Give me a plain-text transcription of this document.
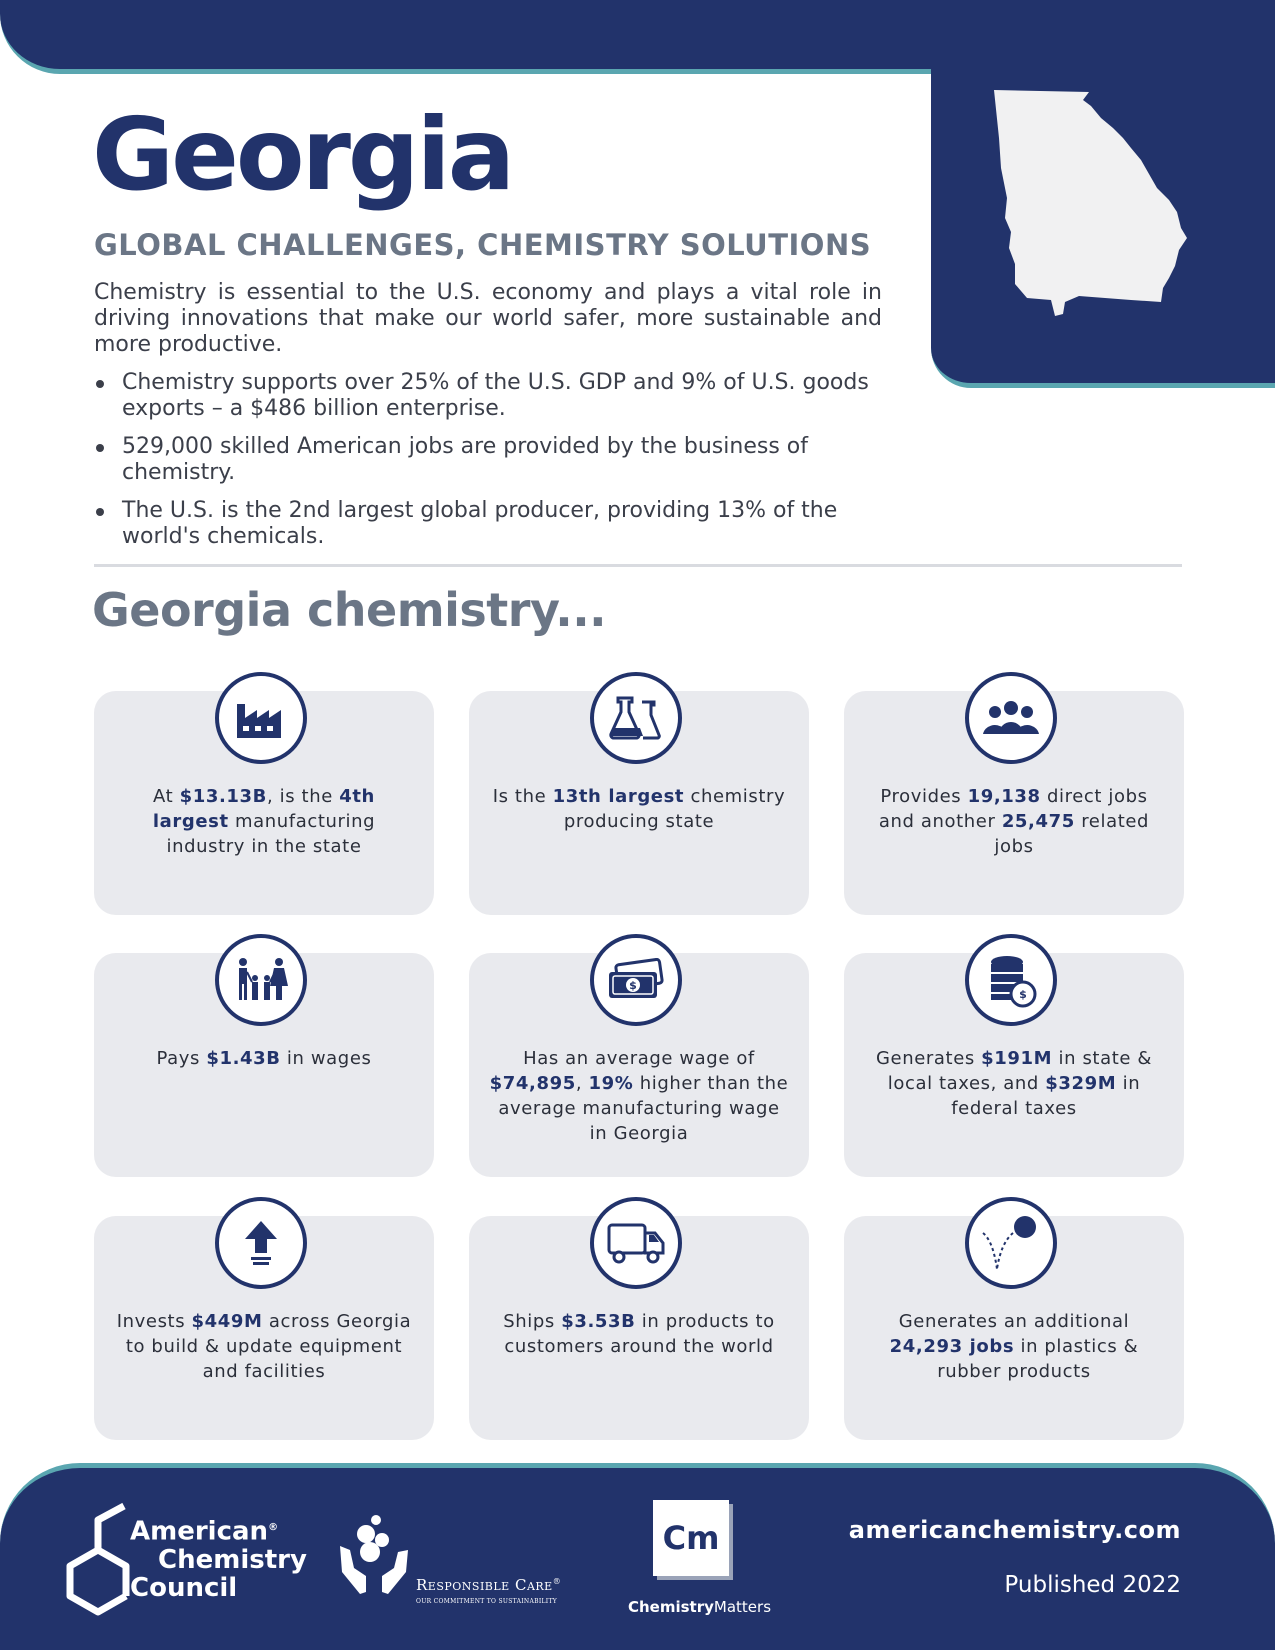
Georgia
GLOBAL CHALLENGES, CHEMISTRY SOLUTIONS

Chemistry is essential to the U.S. economy and plays a vital role in driving innovations that make our world safer, more sustainable and more productive.

Chemistry supports over 25% of the U.S. GDP and 9% of U.S. goods exports – a $486 billion enterprise.
529,000 skilled American jobs are provided by the business of chemistry.
The U.S. is the 2nd largest global producer, providing 13% of the world's chemicals.
Georgia chemistry...
At $13.13B, is the 4th largest manufacturing industry in the state
Is the 13th largest chemistry producing state
Provides 19,138 direct jobs and another 25,475 related jobs
Pays $1.43B in wages
$
Has an average wage of $74,895, 19% higher than the average manufacturing wage in Georgia
$
Generates $191M in state & local taxes, and $329M in federal taxes
Invests $449M across Georgia to build & update equipment and facilities
Ships $3.53B in products to customers around the world
Generates an additional 24,293 jobs in plastics & rubber products

American®
Chemistry
Council	Responsible Care®

OUR COMMITMENT TO SUSTAINABILITY

Cm

ChemistryMatters

americanchemistry.com

Published 2022
